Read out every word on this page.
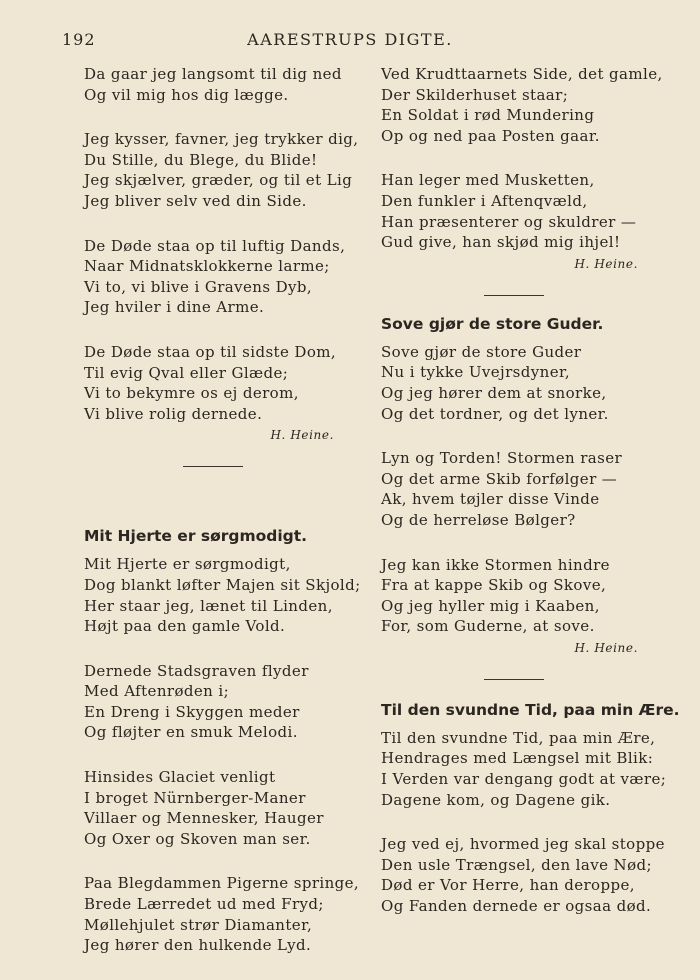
192	AARESTRUPS DIGTE.
Da gaar jeg langsomt til dig ned
Og vil mig hos dig lægge.
Jeg kysser, favner, jeg trykker dig,
Du Stille, du Blege, du Blide!
Jeg skjælver, græder, og til et Lig
Jeg bliver selv ved din Side.
De Døde staa op til luftig Dands,
Naar Midnatsklokkerne larme;
Vi to, vi blive i Gravens Dyb,
Jeg hviler i dine Arme.
De Døde staa op til sidste Dom,
Til evig Qval eller Glæde;
Vi to bekymre os ej derom,
Vi blive rolig dernede.
H. Heine.
Mit Hjerte er sørgmodigt.
Mit Hjerte er sørgmodigt,
Dog blankt løfter Majen sit Skjold;
Her staar jeg, lænet til Linden,
Højt paa den gamle Vold.
Dernede Stadsgraven flyder
Med Aftenrøden i;
En Dreng i Skyggen meder
Og fløjter en smuk Melodi.
Hinsides Glaciet venligt
I broget Nürnberger-Maner
Villaer og Mennesker, Hauger
Og Oxer og Skoven man ser.
Paa Blegdammen Pigerne springe,
Brede Lærredet ud med Fryd;
Møllehjulet strør Diamanter,
Jeg hører den hulkende Lyd.
Ved Krudttaarnets Side, det gamle,
Der Skilderhuset staar;
En Soldat i rød Mundering
Op og ned paa Posten gaar.
Han leger med Musketten,
Den funkler i Aftenqvæld,
Han præsenterer og skuldrer —
Gud give, han skjød mig ihjel!
H. Heine.
Sove gjør de store Guder.
Sove gjør de store Guder
Nu i tykke Uvejrsdyner,
Og jeg hører dem at snorke,
Og det tordner, og det lyner.
Lyn og Torden! Stormen raser
Og det arme Skib forfølger —
Ak, hvem tøjler disse Vinde
Og de herreløse Bølger?
Jeg kan ikke Stormen hindre
Fra at kappe Skib og Skove,
Og jeg hyller mig i Kaaben,
For, som Guderne, at sove.
H. Heine.
Til den svundne Tid, paa min Ære.
Til den svundne Tid, paa min Ære,
Hendrages med Længsel mit Blik:
I Verden var dengang godt at være;
Dagene kom, og Dagene gik.
Jeg ved ej, hvormed jeg skal stoppe
Den usle Trængsel, den lave Nød;
Død er Vor Herre, han deroppe,
Og Fanden dernede er ogsaa død.
